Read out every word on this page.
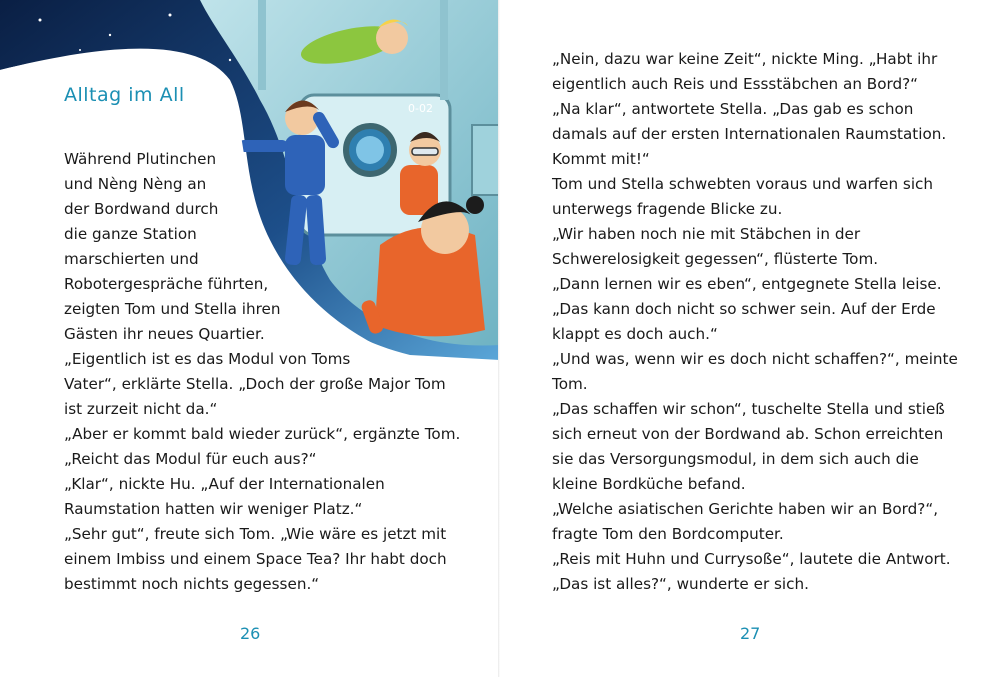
0-02
Alltag im All
Während Plutinchen
und Nèng Nèng an
der Bordwand durch
die ganze Station
marschierten und
Robotergespräche führten,
zeigten Tom und Stella ihren
Gästen ihr neues Quartier.
„Eigentlich ist es das Modul von Toms
Vater“, erklärte Stella. „Doch der große Major Tom
ist zurzeit nicht da.“
„Aber er kommt bald wieder zurück“, ergänzte Tom.
„Reicht das Modul für euch aus?“
„Klar“, nickte Hu. „Auf der Internationalen
Raumstation hatten wir weniger Platz.“
„Sehr gut“, freute sich Tom. „Wie wäre es jetzt mit
einem Imbiss und einem Space Tea? Ihr habt doch
bestimmt noch nichts gegessen.“
26
„Nein, dazu war keine Zeit“, nickte Ming. „Habt ihr
eigentlich auch Reis und Essstäbchen an Bord?“
„Na klar“, antwortete Stella. „Das gab es schon
damals auf der ersten Internationalen Raumstation.
Kommt mit!“
Tom und Stella schwebten voraus und warfen sich
unterwegs fragende Blicke zu.
„Wir haben noch nie mit Stäbchen in der
Schwerelosigkeit gegessen“, flüsterte Tom.
„Dann lernen wir es eben“, entgegnete Stella leise.
„Das kann doch nicht so schwer sein. Auf der Erde
klappt es doch auch.“
„Und was, wenn wir es doch nicht schaffen?“, meinte
Tom.
„Das schaffen wir schon“, tuschelte Stella und stieß
sich erneut von der Bordwand ab. Schon erreichten
sie das Versorgungsmodul, in dem sich auch die
kleine Bordküche befand.
„Welche asiatischen Gerichte haben wir an Bord?“,
fragte Tom den Bordcomputer.
„Reis mit Huhn und Currysoße“, lautete die Antwort.
„Das ist alles?“, wunderte er sich.
27
